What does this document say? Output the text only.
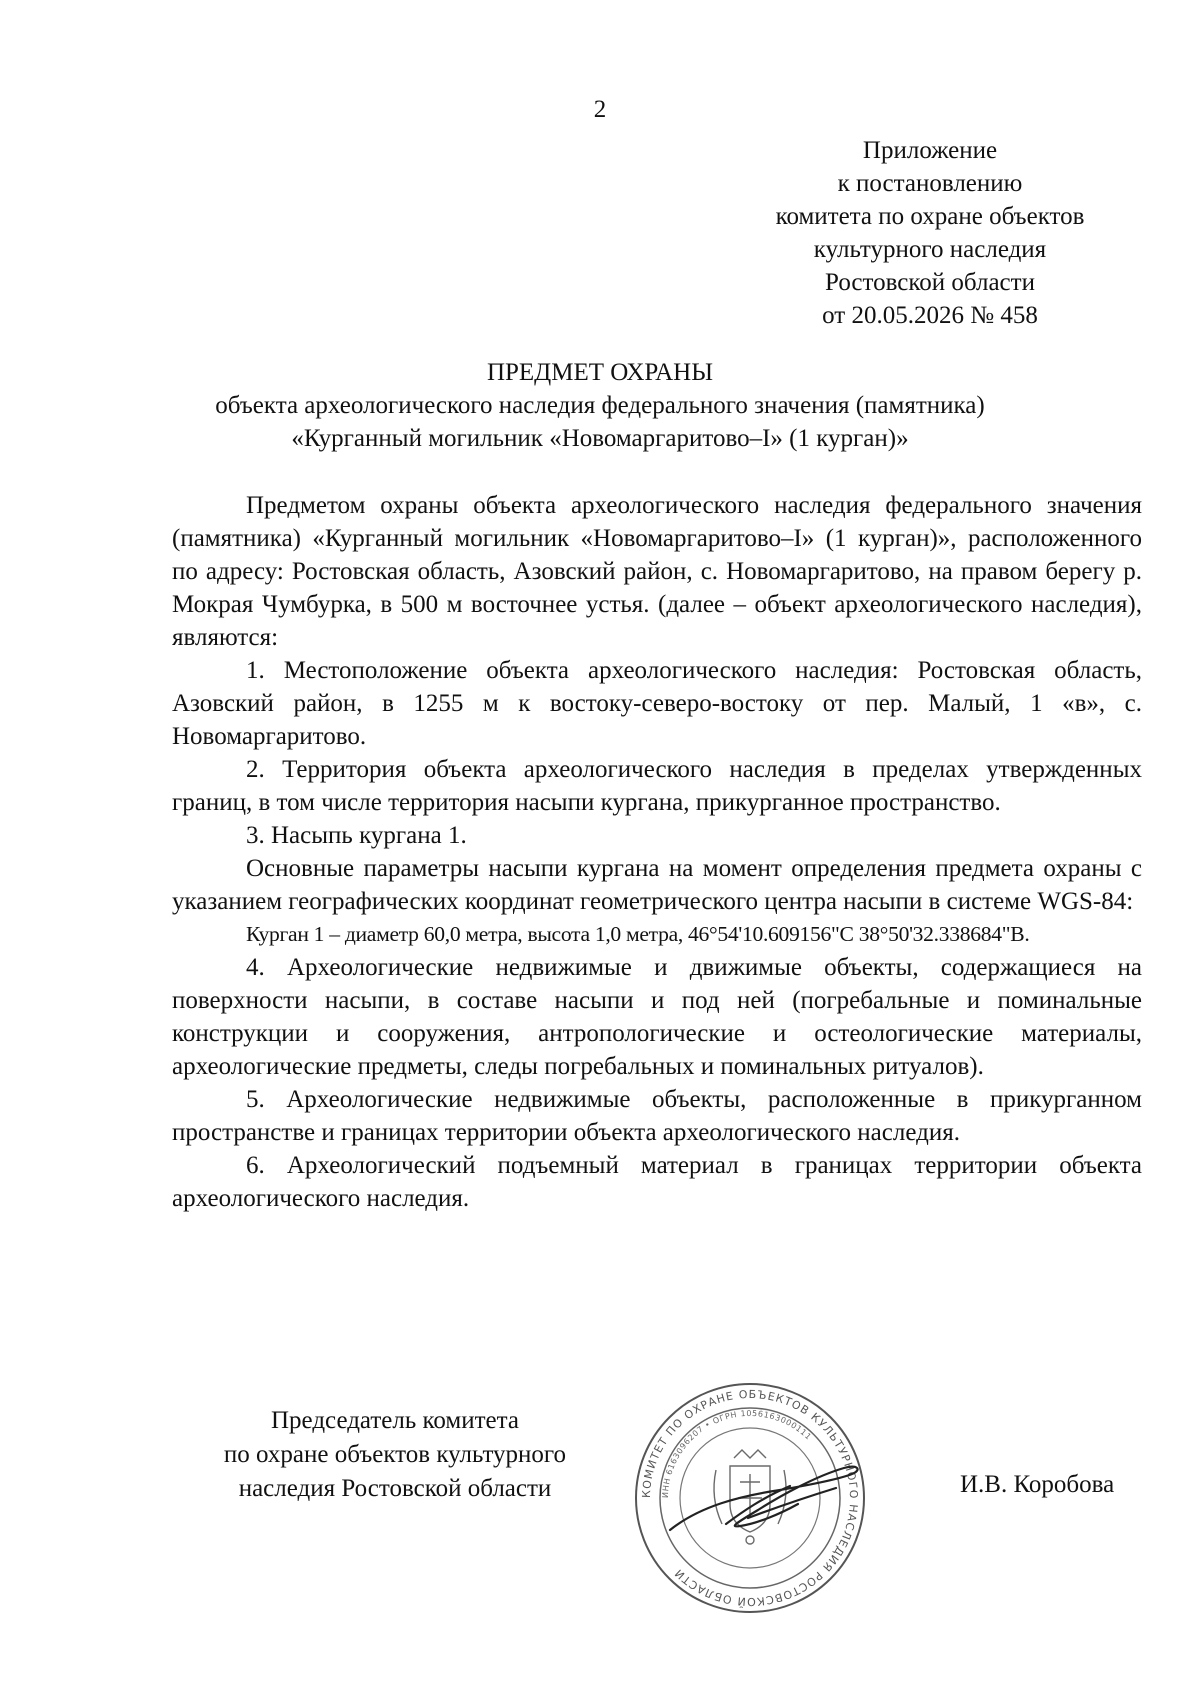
2
Приложение
к постановлению
комитета по охране объектов
культурного наследия
Ростовской области
от 20.05.2026 № 458
ПРЕДМЕТ ОХРАНЫ
объекта археологического наследия федерального значения (памятника)
«Курганный могильник «Новомаргаритово–I» (1 курган)»

Предметом охраны объекта археологического наследия федерального значения (памятника) «Курганный могильник «Новомаргаритово–I» (1 курган)», расположенного по адресу: Ростовская область, Азовский район, с. Новомаргаритово, на правом берегу р. Мокрая Чумбурка, в 500 м восточнее устья. (далее – объект археологического наследия), являются:

1. Местоположение объекта археологического наследия: Ростовская область, Азовский район, в 1255 м к востоку-северо-востоку от пер. Малый, 1 «в», с. Новомаргаритово.

2. Территория объекта археологического наследия в пределах утвержденных границ, в том числе территория насыпи кургана, прикурганное пространство.

3. Насыпь кургана 1.

Основные параметры насыпи кургана на момент определения предмета охраны с указанием географических координат геометрического центра насыпи в системе WGS-84:

Курган 1 – диаметр 60,0 метра, высота 1,0 метра, 46°54'10.609156"С 38°50'32.338684"В.

4. Археологические недвижимые и движимые объекты, содержащиеся на поверхности насыпи, в составе насыпи и под ней (погребальные и поминальные конструкции и сооружения, антропологические и остеологические материалы, археологические предметы, следы погребальных и поминальных ритуалов).

5. Археологические недвижимые объекты, расположенные в прикурганном пространстве и границах территории объекта археологического наследия.

6. Археологический подъемный материал в границах территории объекта археологического наследия.

Председатель комитета
по охране объектов культурного
наследия Ростовской области	КОМИТЕТ ПО ОХРАНЕ ОБЪЕКТОВ КУЛЬТУРНОГО НАСЛЕДИЯ РОСТОВСКОЙ ОБЛАСТИ
ИНН 6163096207 • ОГРН 1056163000111
И.В. Коробова
